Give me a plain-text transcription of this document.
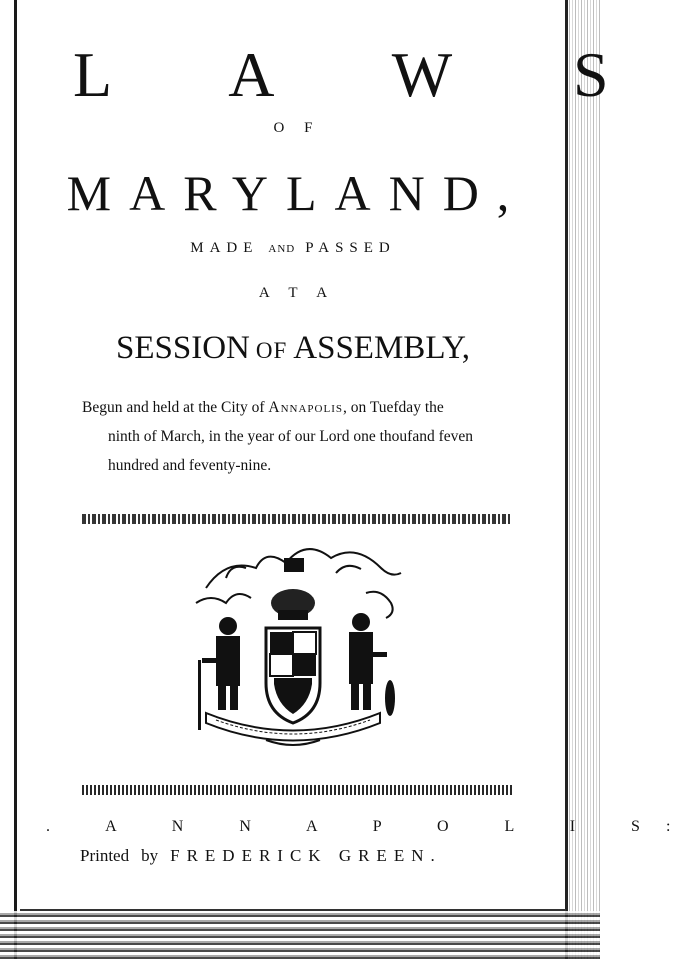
L A W S
O F
MARYLAND,
MADE AND PASSED
A T A
SESSION OF ASSEMBLY,
Begun and held at the City of Annapolis, on Tuefday the
ninth of March, in the year of our Lord one thoufand feven
hundred and feventy-nine.
. A N N A P O L I S:
Printed by FREDERICK GREEN.
